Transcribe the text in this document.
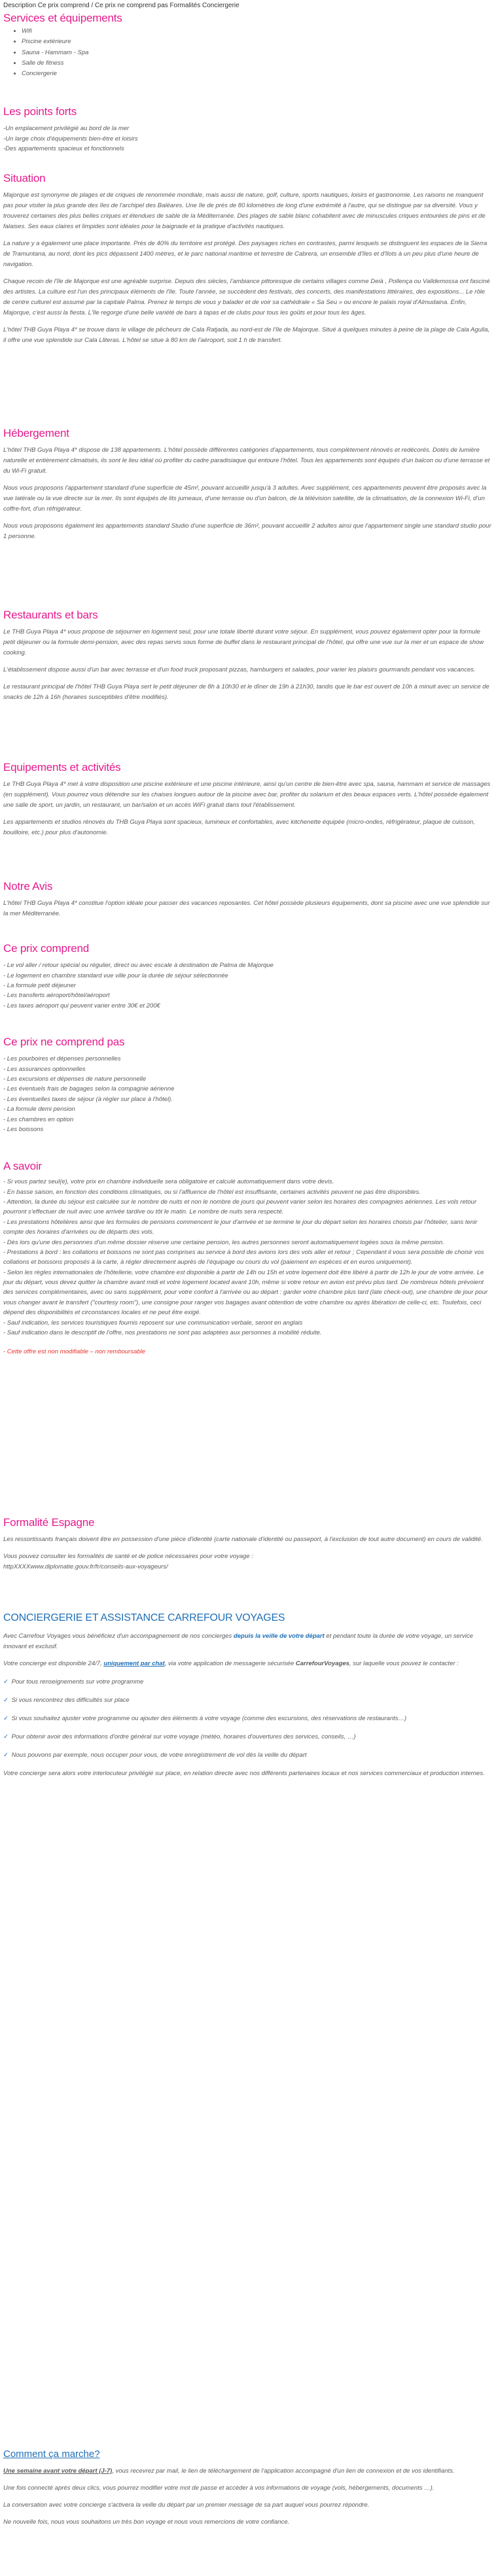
Description Ce prix comprend / Ce prix ne comprend pas Formalités Conciergerie

Services et équipements
• Wifi
• Piscine extérieure
• Sauna - Hammam - Spa
• Salle de fitness
• Conciergerie
Les points forts
-Un emplacement privilégié au bord de la mer
-Un large choix d'équipements bien-être et loisirs
-Des appartements spacieux et fonctionnels
Situation

Majorque est synonyme de plages et de criques de renommée mondiale, mais aussi de nature, golf, culture, sports nautiques, loisirs et gastronomie. Les raisons ne manquent pas pour visiter la plus grande des îles de l'archipel des Baléares. Une île de près de 80 kilomètres de long d'une extrémité à l'autre, qui se distingue par sa diversité. Vous y trouverez certaines des plus belles criques et étendues de sable de la Méditerranée. Des plages de sable blanc cohabitent avec de minuscules criques entourées de pins et de falaises. Ses eaux claires et limpides sont idéales pour la baignade et la pratique d'activités nautiques.

La nature y a également une place importante. Près de 40% du territoire est protégé. Des paysages riches en contrastes, parmi lesquels se distinguent les espaces de la Sierra de Tramuntana, au nord, dont les pics dépassent 1400 mètres, et le parc national maritime et terrestre de Cabrera, un ensemble d'îles et d'îlots à un peu plus d'une heure de navigation.

Chaque recoin de l'île de Majorque est une agréable surprise. Depuis des siècles, l'ambiance pittoresque de certains villages comme Deià , Pollença ou Valldemossa ont fasciné des artistes. La culture est l'un des principaux éléments de l'île. Toute l'année, se succèdent des festivals, des concerts, des manifestations littéraires, des expositions... Le rôle de centre culturel est assumé par la capitale Palma. Prenez le temps de vous y balader et de voir sa cathédrale « Sa Seu » ou encore le palais royal d'Almudaina. Enfin, Majorque, c'est aussi la fiesta. L'île regorge d'une belle variété de bars à tapas et de clubs pour tous les goûts et pour tous les âges.

L'hôtel THB Guya Playa 4* se trouve dans le village de pêcheurs de Cala Ratjada, au nord-est de l'île de Majorque. Situé à quelques minutes à peine de la plage de Cala Agulla, il offre une vue splendide sur Cala Lliteras. L'hôtel se situe à 80 km de l'aéroport, soit 1 h de transfert.

Hébergement

L'hôtel THB Guya Playa 4* dispose de 138 appartements. L'hôtel possède différentes catégories d'appartements, tous complètement rénovés et redécorés. Dotés de lumière naturelle et entièrement climatisés, ils sont le lieu idéal où profiter du cadre paradisiaque qui entoure l'hôtel. Tous les appartements sont équipés d'un balcon ou d'une terrasse et du Wi-Fi gratuit.

Nous vous proposons l'appartement standard d'une superficie de 45m², pouvant accueillir jusqu'à 3 adultes. Avec supplément, ces appartements peuvent être proposés avec la vue latérale ou la vue directe sur la mer. Ils sont équipés de lits jumeaux, d'une terrasse ou d'un balcon, de la télévision satellite, de la climatisation, de la connexion Wi-Fi, d'un coffre-fort, d'un réfrigérateur.

Nous vous proposons également les appartements standard Studio d'une superficie de 36m², pouvant accueillir 2 adultes ainsi que l'appartement single une standard studio pour 1 personne.

Restaurants et bars

Le THB Guya Playa 4* vous propose de séjourner en logement seul, pour une totale liberté durant votre séjour. En supplément, vous pouvez également opter pour la formule petit déjeuner ou la formule demi-pension, avec des repas servis sous forme de buffet dans le restaurant principal de l'hôtel, qui offre une vue sur la mer et un espace de show cooking.

L'établissement dispose aussi d'un bar avec terrasse et d'un food truck proposant pizzas, hamburgers et salades, pour varier les plaisirs gourmands pendant vos vacances.

Le restaurant principal de l'hôtel THB Guya Playa sert le petit déjeuner de 8h à 10h30 et le dîner de 19h à 21h30, tandis que le bar est ouvert de 10h à minuit avec un service de snacks de 12h à 16h (horaires susceptibles d'être modifiés).

Equipements et activités

Le THB Guya Playa 4* met à votre disposition une piscine extérieure et une piscine intérieure, ainsi qu'un centre de bien-être avec spa, sauna, hammam et service de massages (en supplément). Vous pourrez vous détendre sur les chaises longues autour de la piscine avec bar, profiter du solarium et des beaux espaces verts. L'hôtel possède également une salle de sport, un jardin, un restaurant, un bar/salon et un accès WiFi gratuit dans tout l'établissement.

Les appartements et studios rénovés du THB Guya Playa sont spacieux, lumineux et confortables, avec kitchenette équipée (micro-ondes, réfrigérateur, plaque de cuisson, bouilloire, etc.) pour plus d'autonomie.

Notre Avis

L'hôtel THB Guya Playa 4* constitue l'option idéale pour passer des vacances reposantes. Cet hôtel possède plusieurs équipements, dont sa piscine avec une vue splendide sur la mer Méditerranée.

Ce prix comprend
- Le vol aller / retour spécial ou régulier, direct ou avec escale à destination de Palma de Majorque
- Le logement en chambre standard vue ville pour la durée de séjour sélectionnée
- La formule petit déjeuner
- Les transferts aéroport/hôtel/aéroport
- Les taxes aéroport qui peuvent varier entre 30€ et 200€
Ce prix ne comprend pas
- Les pourboires et dépenses personnelles
- Les assurances optionnelles
- Les excursions et dépenses de nature personnelle
- Les éventuels frais de bagages selon la compagnie aérienne
- Les éventuelles taxes de séjour (à régler sur place à l'hôtel).
- La formule demi pension
- Les chambres en option
- Les boissons
A savoir
- Si vous partez seul(e), votre prix en chambre individuelle sera obligatoire et calculé automatiquement dans votre devis.
- En basse saison, en fonction des conditions climatiques, ou si l'affluence de l'hôtel est insuffisante, certaines activités peuvent ne pas être disponibles.
- Attention, la durée du séjour est calculée sur le nombre de nuits et non le nombre de jours qui peuvent varier selon les horaires des compagnies aériennes. Les vols retour pourront s'effectuer de nuit avec une arrivée tardive ou tôt le matin. Le nombre de nuits sera respecté.
- Les prestations hôtelières ainsi que les formules de pensions commencent le jour d'arrivée et se termine le jour du départ selon les horaires choisis par l'hôtelier, sans tenir compte des horaires d'arrivées ou de départs des vols.
- Dès lors qu'une des personnes d'un même dossier réserve une certaine pension, les autres personnes seront automatiquement logées sous la même pension.
- Prestations à bord : les collations et boissons ne sont pas comprises au service à bord des avions lors des vols aller et retour ; Cependant il vous sera possible de choisir vos collations et boissons proposés à la carte, à régler directement auprès de l'équipage ou cours du vol (paiement en espèces et en euros uniquement).
- Selon les règles internationales de l'hôtellerie, votre chambre est disponible à partir de 14h ou 15h et votre logement doit être libéré à partir de 12h le jour de votre arrivée. Le jour du départ, vous devez quitter la chambre avant midi et votre logement located avant 10h, même si votre retour en avion est prévu plus tard. De nombreux hôtels prévoient des services complémentaires, avec ou sans supplément, pour votre confort à l'arrivée ou au départ : garder votre chambre plus tard (late check-out), une chambre de jour pour vous changer avant le transfert ("courtesy room"), une consigne pour ranger vos bagages avant obtention de votre chambre ou après libération de celle-ci, etc. Toutefois, ceci dépend des disponibilités et circonstances locales et ne peut être exigé.
- Sauf indication, les services touristiques fournis reposent sur une communication verbale, seront en anglais
- Sauf indication dans le descriptif de l'offre, nos prestations ne sont pas adaptées aux personnes à mobilité réduite.
- Cette offre est non modifiable – non remboursable
Formalité Espagne

Les ressortissants français doivent être en possession d'une pièce d'identité (carte nationale d'identité ou passeport, à l'exclusion de tout autre document) en cours de validité.

Vous pouvez consulter les formalités de santé et de police nécessaires pour votre voyage :

httpXXXXwww.diplomatie.gouv.fr/fr/conseils-aux-voyageurs/

CONCIERGERIE ET ASSISTANCE CARREFOUR VOYAGES

Avec Carrefour Voyages vous bénéficiez d'un accompagnement de nos concierges depuis la veille de votre départ et pendant toute la durée de votre voyage, un service innovant et exclusif.

Votre concierge est disponible 24/7, uniquement par chat, via votre application de messagerie sécurisée CarrefourVoyages, sur laquelle vous pouvez le contacter :

✓ Pour tous renseignements sur votre programme

✓ Si vous rencontrez des difficultés sur place

✓ Si vous souhaitez ajuster votre programme ou ajouter des éléments à votre voyage (comme des excursions, des réservations de restaurants…)

✓ Pour obtenir avoir des informations d'ordre général sur votre voyage (météo, horaires d'ouvertures des services, conseils, …)

✓ Nous pouvons par exemple, nous occuper pour vous, de votre enregistrement de vol dès la veille du départ

Votre concierge sera alors votre interlocuteur privilégié sur place, en relation directe avec nos différents partenaires locaux et nos services commerciaux et production internes.

Comment ça marche?

Une semaine avant votre départ (J-7), vous recevrez par mail, le lien de téléchargement de l'application accompagné d'un lien de connexion et de vos identifiants.

Une fois connecté après deux clics, vous pourrez modifier votre mot de passe et accéder à vos informations de voyage (vols, hébergements, documents …).

La conversation avec votre concierge s'activera la veille du départ par un premier message de sa part auquel vous pourrez répondre.

Ne nouvelle fois, nous vous souhaitons un très bon voyage et nous vous remercions de votre confiance.
